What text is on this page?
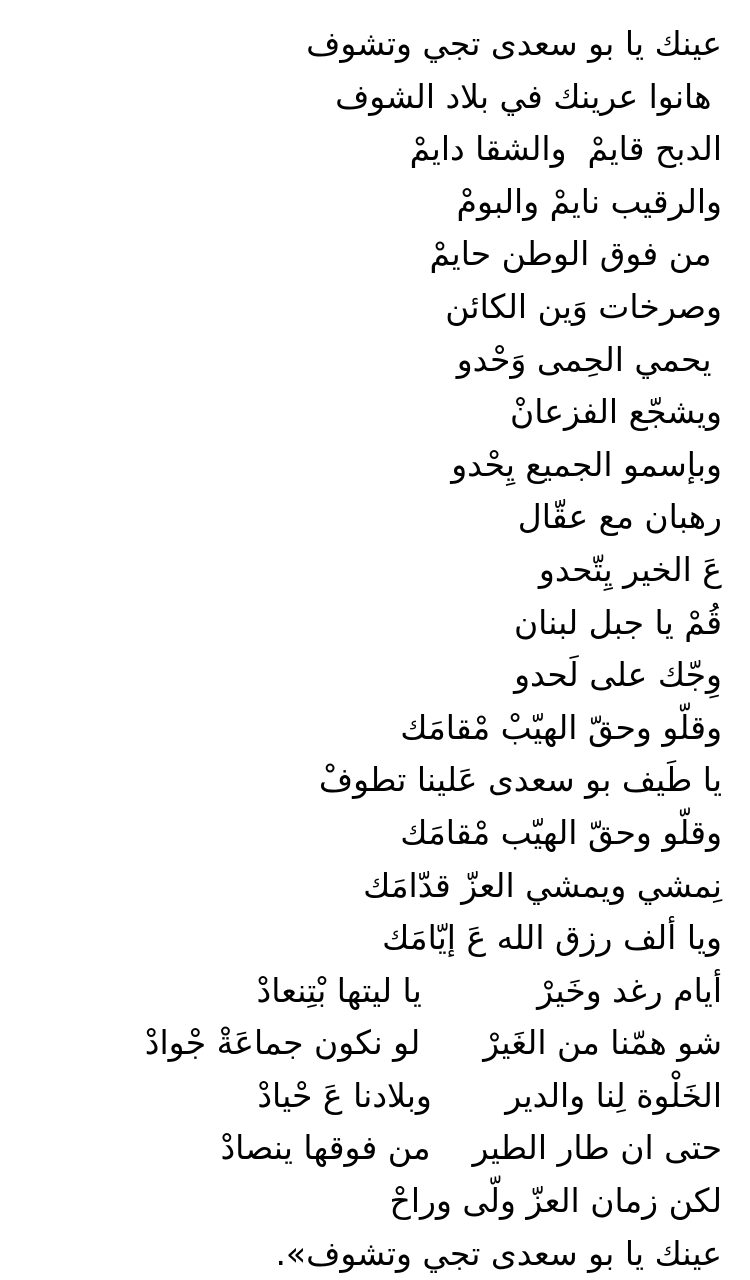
عينك يا بو سعدى تجي وتشوف
هانوا عرينك في بلاد الشوف
الدبح قايمْ  والشقا دايمْ
والرقيب نايمْ والبومْ
من فوق الوطن حايمْ
وصرخات وَين الكائن
يحمي الحِمى وَحْدو
ويشجّع الفزعانْ
وبإسمو الجميع يِحْدو
رهبان مع عقّال
عَ الخير يِتّحدو
قُمْ يا جبل لبنان
وِجّك على لَحدو
وقلّو وحقّ الهيّبْ مْقامَك
يا طَيف بو سعدى عَلينا تطوفْ
وقلّو وحقّ الهيّب مْقامَك
نِمشي ويمشي العزّ قدّامَك
ويا ألف رزق الله عَ إيّامَك
أيام رغد وخَيرْ           يا ليتها بْتِنعادْ
شو همّنا من الغَيرْ      لو نكون جماعَةْ جْوادْ
الخَلْوة لِنا والدير       وبلادنا عَ حْيادْ
حتى ان طار الطير    من فوقها ينصادْ
لكن زمان العزّ ولّى وراحْ
عينك يا بو سعدى تجي وتشوف».
